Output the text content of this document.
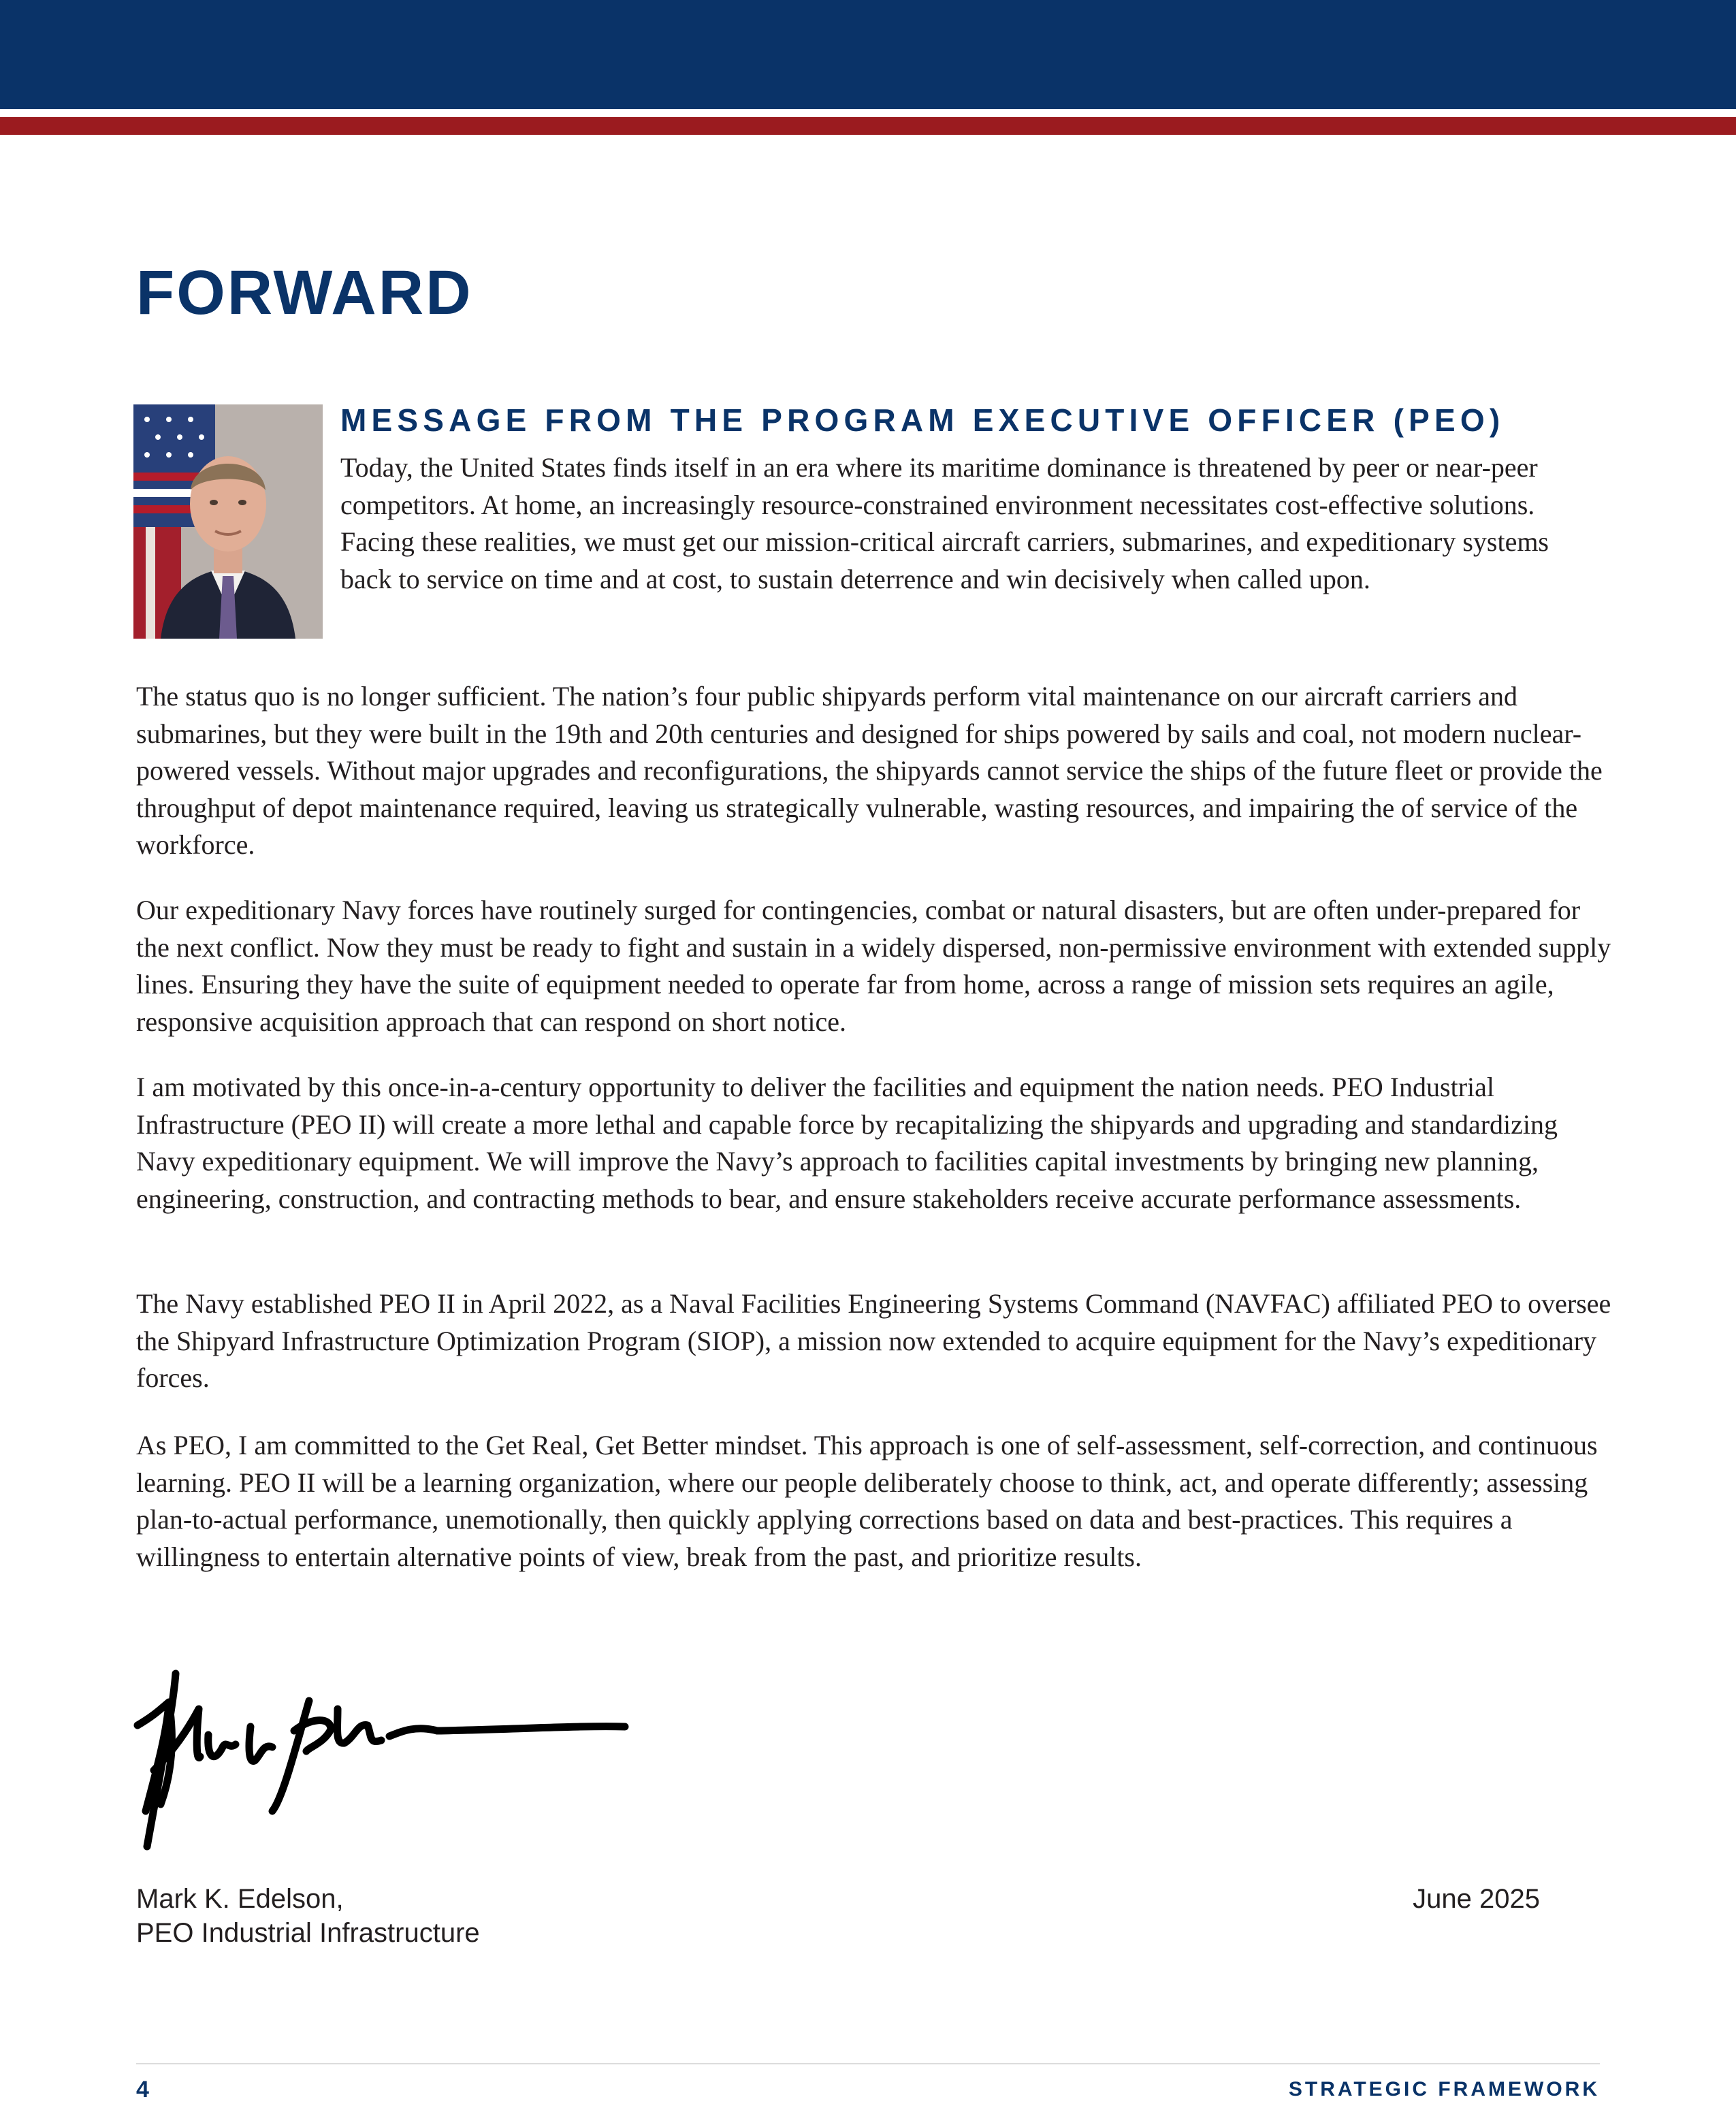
FORWARD
MESSAGE FROM THE PROGRAM EXECUTIVE OFFICER (PEO)

Today, the United States finds itself in an era where its maritime dominance is threatened by peer or near-peer competitors. At home, an increasingly resource-constrained environment necessitates cost-effective solutions. Facing these realities, we must get our mission-critical aircraft carriers, submarines, and expeditionary systems back to service on time and at cost, to sustain deterrence and win decisively when called upon.

The status quo is no longer sufficient. The nation’s four public shipyards perform vital maintenance on our aircraft carriers and submarines, but they were built in the 19th and 20th centuries and designed for ships powered by sails and coal, not modern nuclear-powered vessels. Without major upgrades and reconfigurations, the shipyards cannot service the ships of the future fleet or provide the throughput of depot maintenance required, leaving us strategically vulnerable, wasting resources, and impairing the of service of the workforce.

Our expeditionary Navy forces have routinely surged for contingencies, combat or natural disasters, but are often under-prepared for the next conflict. Now they must be ready to fight and sustain in a widely dispersed, non-permissive environment with extended supply lines. Ensuring they have the suite of equipment needed to operate far from home, across a range of mission sets requires an agile, responsive acquisition approach that can respond on short notice.

I am motivated by this once-in-a-century opportunity to deliver the facilities and equipment the nation needs. PEO Industrial Infrastructure (PEO II) will create a more lethal and capable force by recapitalizing the shipyards and upgrading and standardizing Navy expeditionary equipment. We will improve the Navy’s approach to facilities capital investments by bringing new planning, engineering, construction, and contracting methods to bear, and ensure stakeholders receive accurate performance assessments.

The Navy established PEO II in April 2022, as a Naval Facilities Engineering Systems Command (NAVFAC) affiliated PEO to oversee the Shipyard Infrastructure Optimization Program (SIOP), a mission now extended to acquire equipment for the Navy’s expeditionary forces.

As PEO, I am committed to the Get Real, Get Better mindset. This approach is one of self-assessment, self-correction, and continuous learning. PEO II will be a learning organization, where our people deliberately choose to think, act, and operate differently; assessing plan-to-actual performance, unemotionally, then quickly applying corrections based on data and best-practices. This requires a willingness to entertain alternative points of view, break from the past, and prioritize results.

Mark K. Edelson,
PEO Industrial Infrastructure

June 2025

4	STRATEGIC FRAMEWORK
